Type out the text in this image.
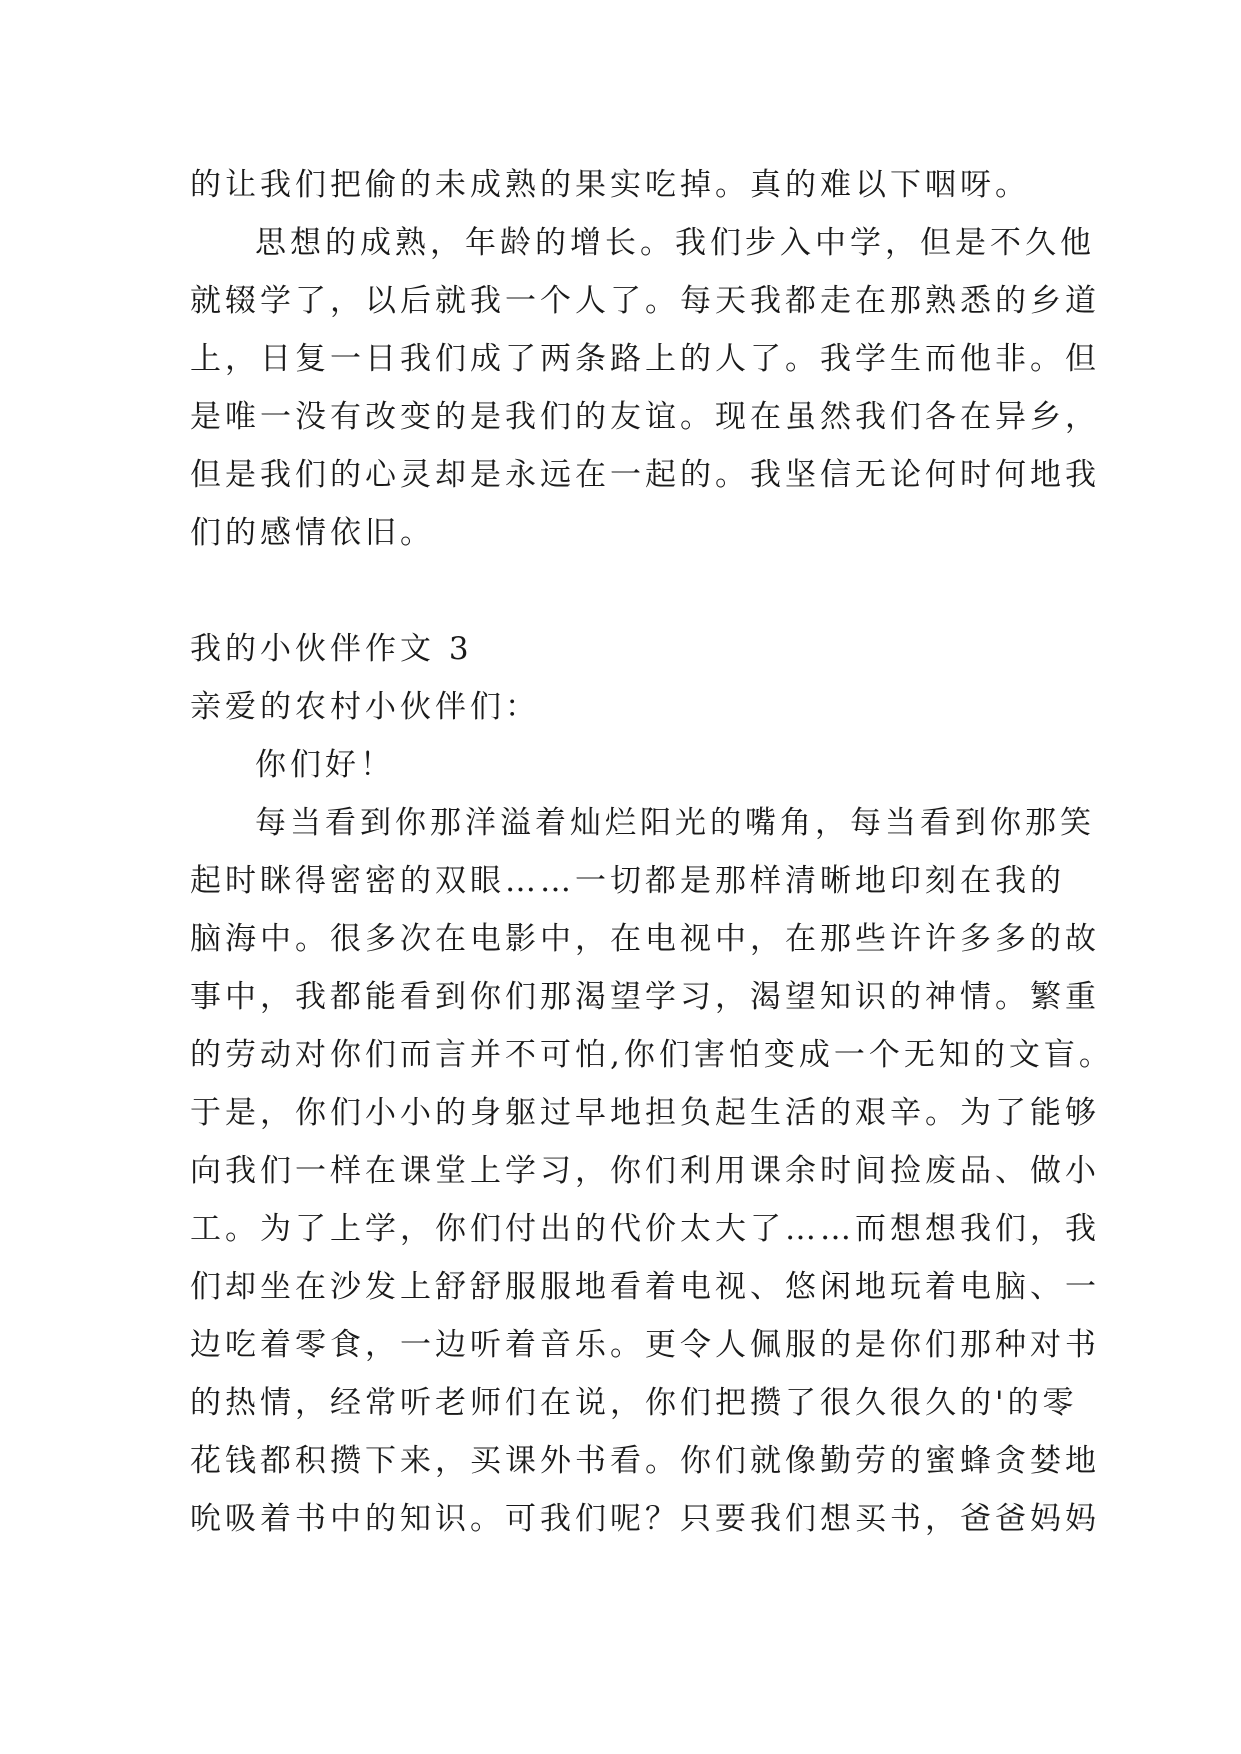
的让我们把偷的未成熟的果实吃掉。真的难以下咽呀。
思想的成熟，年龄的增长。我们步入中学，但是不久他
就辍学了，以后就我一个人了。每天我都走在那熟悉的乡道
上，日复一日我们成了两条路上的人了。我学生而他非。但
是唯一没有改变的是我们的友谊。现在虽然我们各在异乡，
但是我们的心灵却是永远在一起的。我坚信无论何时何地我
们的感情依旧。
我的小伙伴作文 3
亲爱的农村小伙伴们：
你们好！
每当看到你那洋溢着灿烂阳光的嘴角，每当看到你那笑
起时眯得密密的双眼……一切都是那样清晰地印刻在我的
脑海中。很多次在电影中，在电视中，在那些许许多多的故
事中，我都能看到你们那渴望学习，渴望知识的神情。繁重
的劳动对你们而言并不可怕,你们害怕变成一个无知的文盲。
于是，你们小小的身躯过早地担负起生活的艰辛。为了能够
向我们一样在课堂上学习，你们利用课余时间捡废品、做小
工。为了上学，你们付出的代价太大了……而想想我们，我
们却坐在沙发上舒舒服服地看着电视、悠闲地玩着电脑、一
边吃着零食，一边听着音乐。更令人佩服的是你们那种对书
的热情，经常听老师们在说，你们把攒了很久很久的'的零
花钱都积攒下来，买课外书看。你们就像勤劳的蜜蜂贪婪地
吮吸着书中的知识。可我们呢？只要我们想买书，爸爸妈妈
